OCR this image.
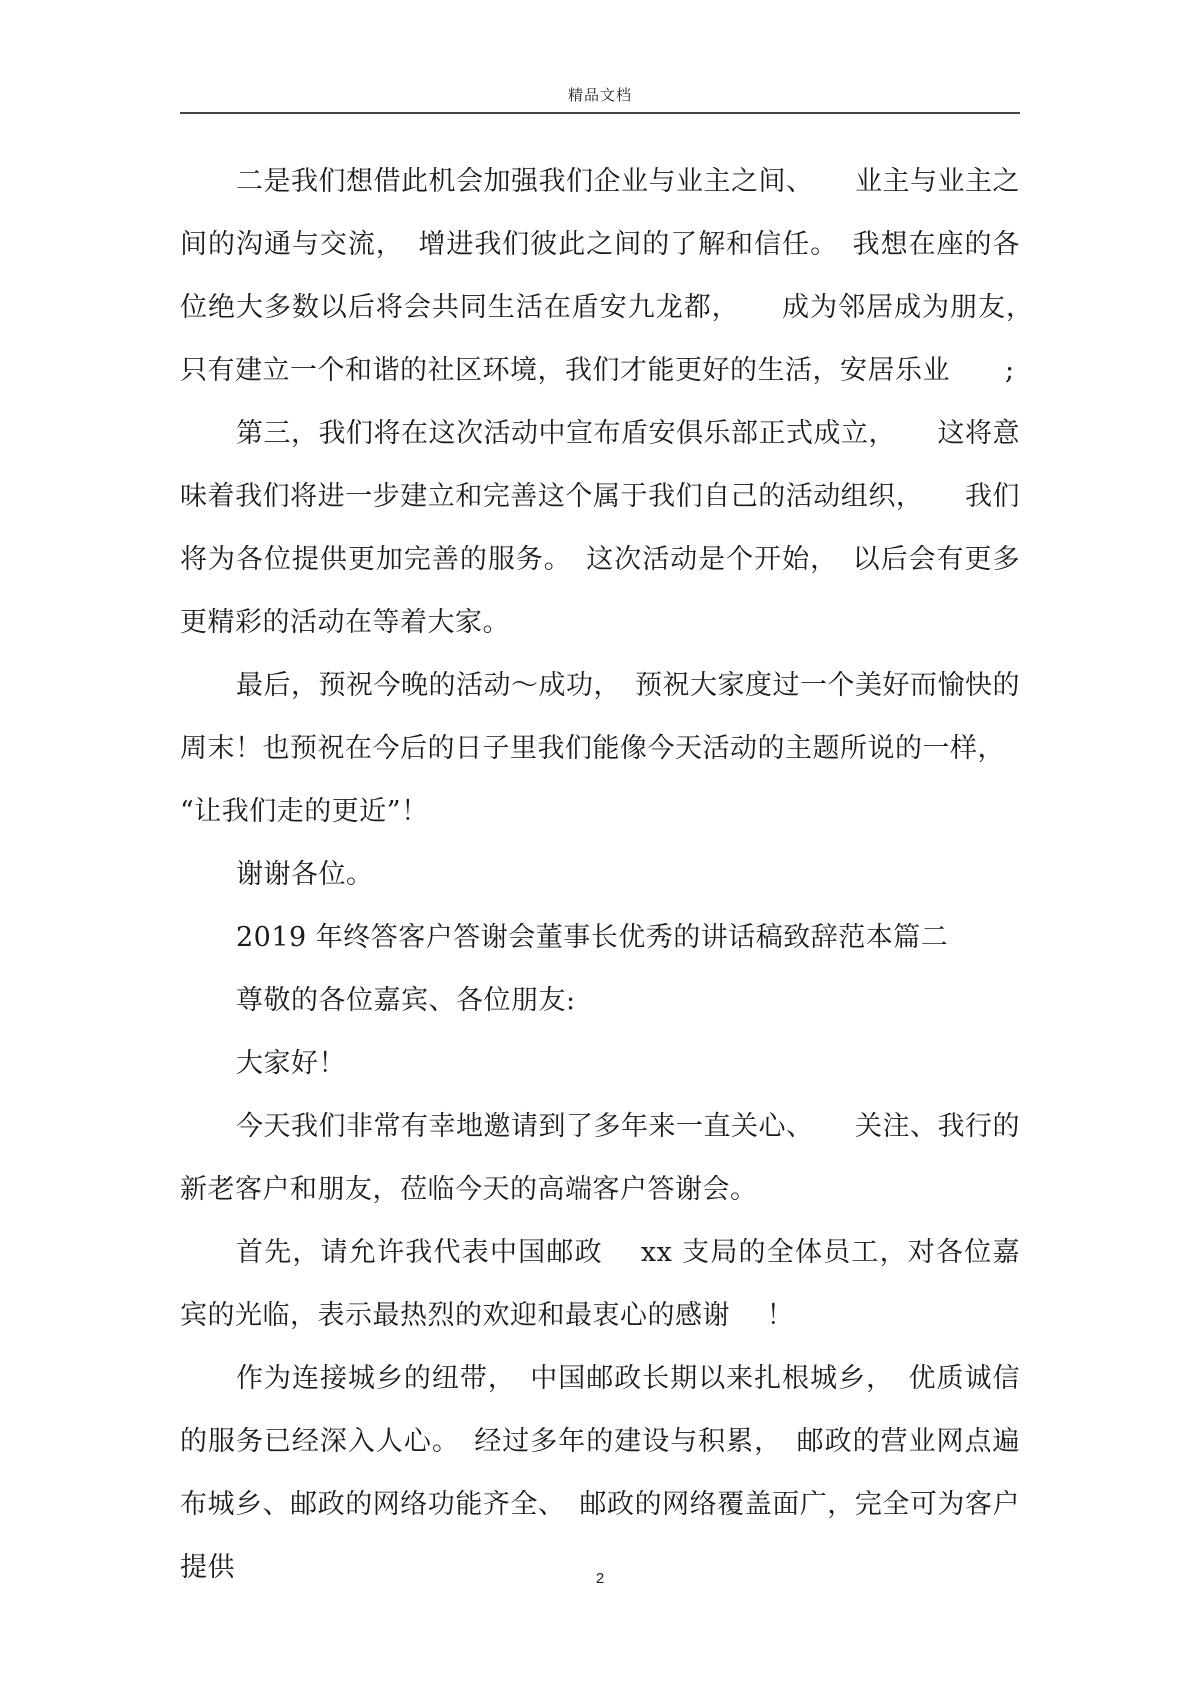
精品文档

二是我们想借此机会加强我们企业与业主之间、　　业主与业主之间的沟通与交流，　增进我们彼此之间的了解和信任。　我想在座的各位绝大多数以后将会共同生活在盾安九龙都，　　成为邻居成为朋友，　只有建立一个和谐的社区环境，我们才能更好的生活，安居乐业　　;

第三，我们将在这次活动中宣布盾安俱乐部正式成立，　　这将意味着我们将进一步建立和完善这个属于我们自己的活动组织，　　我们将为各位提供更加完善的服务。　这次活动是个开始，　以后会有更多更精彩的活动在等着大家。

最后，预祝今晚的活动～成功，　预祝大家度过一个美好而愉快的周末！也预祝在今后的日子里我们能像今天活动的主题所说的一样，

“让我们走的更近”！

谢谢各位。

2019 年终答客户答谢会董事长优秀的讲话稿致辞范本篇二

尊敬的各位嘉宾、各位朋友:

大家好！

今天我们非常有幸地邀请到了多年来一直关心、　　关注、我行的新老客户和朋友，莅临今天的高端客户答谢会。

首先，请允许我代表中国邮政　 xx 支局的全体员工，对各位嘉宾的光临，表示最热烈的欢迎和最衷心的感谢　 ！

作为连接城乡的纽带，　中国邮政长期以来扎根城乡，　优质诚信的服务已经深入人心。　经过多年的建设与积累，　邮政的营业网点遍布城乡、邮政的网络功能齐全、　邮政的网络覆盖面广，完全可为客户提供	2
